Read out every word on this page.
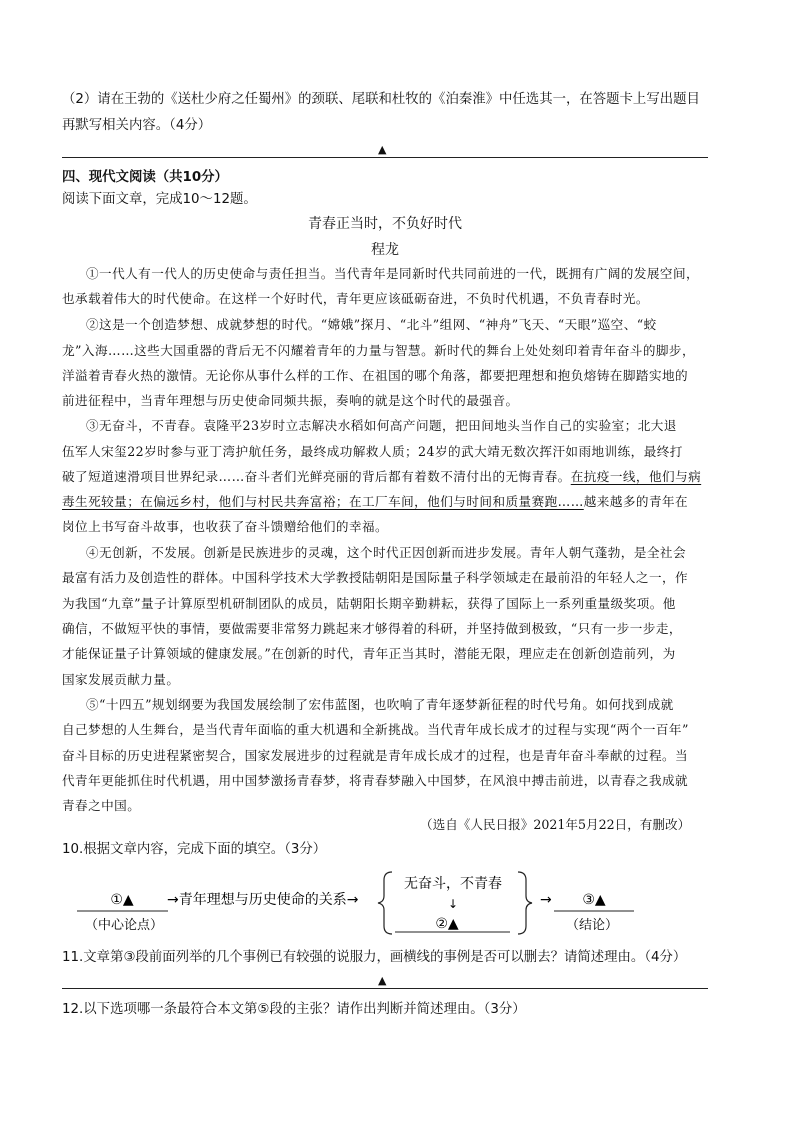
（2）请在王勃的《送杜少府之任蜀州》的颈联、尾联和杜牧的《泊秦淮》中任选其一，在答题卡上写出题目
再默写相关内容。（4分）
▲
四、现代文阅读（共10分）
阅读下面文章，完成10～12题。
青春正当时，不负好时代
程龙
①一代人有一代人的历史使命与责任担当。当代青年是同新时代共同前进的一代，既拥有广阔的发展空间，
也承载着伟大的时代使命。在这样一个好时代，青年更应该砥砺奋进，不负时代机遇，不负青春时光。
②这是一个创造梦想、成就梦想的时代。“嫦娥”探月、“北斗”组网、“神舟”飞天、“天眼”巡空、“蛟
龙”入海……这些大国重器的背后无不闪耀着青年的力量与智慧。新时代的舞台上处处刻印着青年奋斗的脚步，
洋溢着青春火热的激情。无论你从事什么样的工作、在祖国的哪个角落，都要把理想和抱负熔铸在脚踏实地的
前进征程中，当青年理想与历史使命同频共振，奏响的就是这个时代的最强音。
③无奋斗，不青春。袁隆平23岁时立志解决水稻如何高产问题，把田间地头当作自己的实验室；北大退
伍军人宋玺22岁时参与亚丁湾护航任务，最终成功解救人质；24岁的武大靖无数次挥汗如雨地训练，最终打
破了短道速滑项目世界纪录……奋斗者们光鲜亮丽的背后都有着数不清付出的无悔青春。在抗疫一线，他们与病
毒生死较量；在偏远乡村，他们与村民共奔富裕；在工厂车间，他们与时间和质量赛跑……越来越多的青年在
岗位上书写奋斗故事，也收获了奋斗馈赠给他们的幸福。
④无创新，不发展。创新是民族进步的灵魂，这个时代正因创新而进步发展。青年人朝气蓬勃，是全社会
最富有活力及创造性的群体。中国科学技术大学教授陆朝阳是国际量子科学领域走在最前沿的年轻人之一，作
为我国“九章”量子计算原型机研制团队的成员，陆朝阳长期辛勤耕耘，获得了国际上一系列重量级奖项。他
确信，不做短平快的事情，要做需要非常努力跳起来才够得着的科研，并坚持做到极致，“只有一步一步走，
才能保证量子计算领域的健康发展。”在创新的时代，青年正当其时，潜能无限，理应走在创新创造前列，为
国家发展贡献力量。
⑤“十四五”规划纲要为我国发展绘制了宏伟蓝图，也吹响了青年逐梦新征程的时代号角。如何找到成就
自己梦想的人生舞台，是当代青年面临的重大机遇和全新挑战。当代青年成长成才的过程与实现“两个一百年”
奋斗目标的历史进程紧密契合，国家发展进步的过程就是青年成长成才的过程，也是青年奋斗奉献的过程。当
代青年更能抓住时代机遇，用中国梦激扬青春梦，将青春梦融入中国梦，在风浪中搏击前进，以青春之我成就
青春之中国。
（选自《人民日报》2021年5月22日，有删改）
10.根据文章内容，完成下面的填空。（3分）
①▲
（中心论点）
→青年理想与历史使命的关系→
无奋斗，不青春
↓
②▲
→ ③▲
（结论）
11.文章第③段前面列举的几个事例已有较强的说服力，画横线的事例是否可以删去？请简述理由。（4分）
▲
12.以下选项哪一条最符合本文第⑤段的主张？请作出判断并简述理由。（3分）
